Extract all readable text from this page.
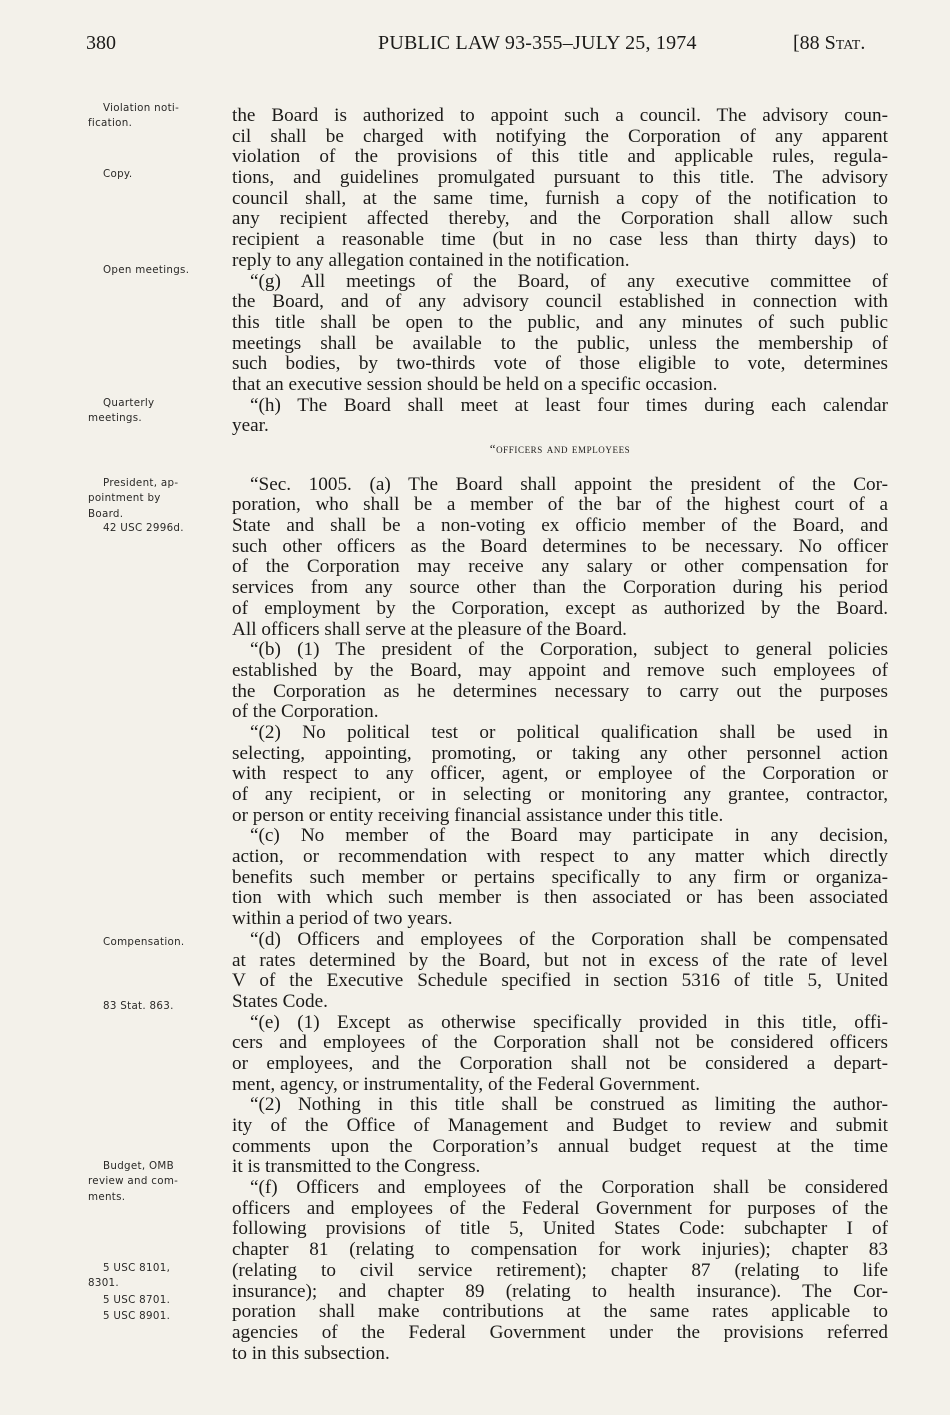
380	PUBLIC LAW 93-355–JULY 25, 1974	[88 Stat.
Violation noti-
fication.
Copy.
Open meetings.
Quarterly
meetings.
President, ap-
pointment by
Board.
42 USC 2996d.
Compensation.
83 Stat. 863.
Budget, OMB
review and com-
ments.
5 USC 8101,
8301.
5 USC 8701.
5 USC 8901.
the Board is authorized to appoint such a council. The advisory coun-
cil shall be charged with notifying the Corporation of any apparent
violation of the provisions of this title and applicable rules, regula-
tions, and guidelines promulgated pursuant to this title. The advisory
council shall, at the same time, furnish a copy of the notification to
any recipient affected thereby, and the Corporation shall allow such
recipient a reasonable time (but in no case less than thirty days) to
reply to any allegation contained in the notification.
“(g) All meetings of the Board, of any executive committee of
the Board, and of any advisory council established in connection with
this title shall be open to the public, and any minutes of such public
meetings shall be available to the public, unless the membership of
such bodies, by two-thirds vote of those eligible to vote, determines
that an executive session should be held on a specific occasion.
“(h) The Board shall meet at least four times during each calendar
year.
“officers and employees
“Sec. 1005. (a) The Board shall appoint the president of the Cor-
poration, who shall be a member of the bar of the highest court of a
State and shall be a non-voting ex officio member of the Board, and
such other officers as the Board determines to be necessary. No officer
of the Corporation may receive any salary or other compensation for
services from any source other than the Corporation during his period
of employment by the Corporation, except as authorized by the Board.
All officers shall serve at the pleasure of the Board.
“(b) (1) The president of the Corporation, subject to general policies
established by the Board, may appoint and remove such employees of
the Corporation as he determines necessary to carry out the purposes
of the Corporation.
“(2) No political test or political qualification shall be used in
selecting, appointing, promoting, or taking any other personnel action
with respect to any officer, agent, or employee of the Corporation or
of any recipient, or in selecting or monitoring any grantee, contractor,
or person or entity receiving financial assistance under this title.
“(c) No member of the Board may participate in any decision,
action, or recommendation with respect to any matter which directly
benefits such member or pertains specifically to any firm or organiza-
tion with which such member is then associated or has been associated
within a period of two years.
“(d) Officers and employees of the Corporation shall be compensated
at rates determined by the Board, but not in excess of the rate of level
V of the Executive Schedule specified in section 5316 of title 5, United
States Code.
“(e) (1) Except as otherwise specifically provided in this title, offi-
cers and employees of the Corporation shall not be considered officers
or employees, and the Corporation shall not be considered a depart-
ment, agency, or instrumentality, of the Federal Government.
“(2) Nothing in this title shall be construed as limiting the author-
ity of the Office of Management and Budget to review and submit
comments upon the Corporation’s annual budget request at the time
it is transmitted to the Congress.
“(f) Officers and employees of the Corporation shall be considered
officers and employees of the Federal Government for purposes of the
following provisions of title 5, United States Code: subchapter I of
chapter 81 (relating to compensation for work injuries); chapter 83
(relating to civil service retirement); chapter 87 (relating to life
insurance); and chapter 89 (relating to health insurance). The Cor-
poration shall make contributions at the same rates applicable to
agencies of the Federal Government under the provisions referred
to in this subsection.
